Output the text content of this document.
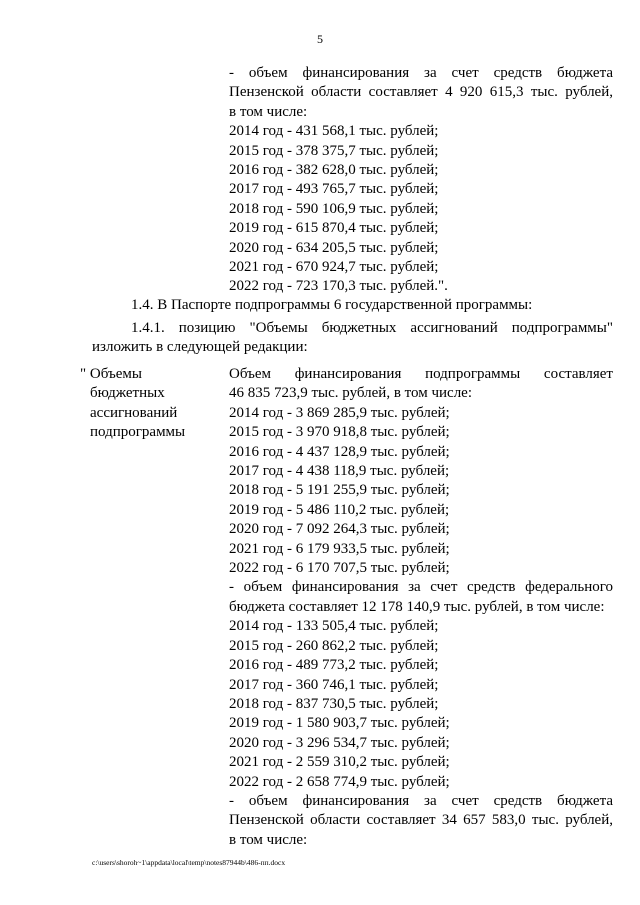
5
- объем финансирования за счет средств бюджета
Пензенской области составляет 4 920 615,3 тыс. рублей,
в том числе:
2014 год - 431 568,1 тыс. рублей;
2015 год - 378 375,7 тыс. рублей;
2016 год - 382 628,0 тыс. рублей;
2017 год - 493 765,7 тыс. рублей;
2018 год - 590 106,9 тыс. рублей;
2019 год - 615 870,4 тыс. рублей;
2020 год - 634 205,5 тыс. рублей;
2021 год - 670 924,7 тыс. рублей;
2022 год - 723 170,3 тыс. рублей.".
1.4. В Паспорте подпрограммы 6 государственной программы:
1.4.1. позицию "Объемы бюджетных ассигнований подпрограммы"
изложить в следующей редакции:
" Объемы
бюджетных
ассигнований
подпрограммы
Объем финансирования подпрограммы составляет
46 835 723,9 тыс. рублей, в том числе:
2014 год - 3 869 285,9 тыс. рублей;
2015 год - 3 970 918,8 тыс. рублей;
2016 год - 4 437 128,9 тыс. рублей;
2017 год - 4 438 118,9 тыс. рублей;
2018 год - 5 191 255,9 тыс. рублей;
2019 год - 5 486 110,2 тыс. рублей;
2020 год - 7 092 264,3 тыс. рублей;
2021 год - 6 179 933,5 тыс. рублей;
2022 год - 6 170 707,5 тыс. рублей;
- объем финансирования за счет средств федерального
бюджета составляет 12 178 140,9 тыс. рублей, в том числе:
2014 год - 133 505,4 тыс. рублей;
2015 год - 260 862,2 тыс. рублей;
2016 год - 489 773,2 тыс. рублей;
2017 год - 360 746,1 тыс. рублей;
2018 год - 837 730,5 тыс. рублей;
2019 год - 1 580 903,7 тыс. рублей;
2020 год - 3 296 534,7 тыс. рублей;
2021 год - 2 559 310,2 тыс. рублей;
2022 год - 2 658 774,9 тыс. рублей;
- объем финансирования за счет средств бюджета
Пензенской области составляет 34 657 583,0 тыс. рублей,
в том числе:
c:\users\shoroh~1\appdata\local\temp\notes87944b\486-пп.docx
